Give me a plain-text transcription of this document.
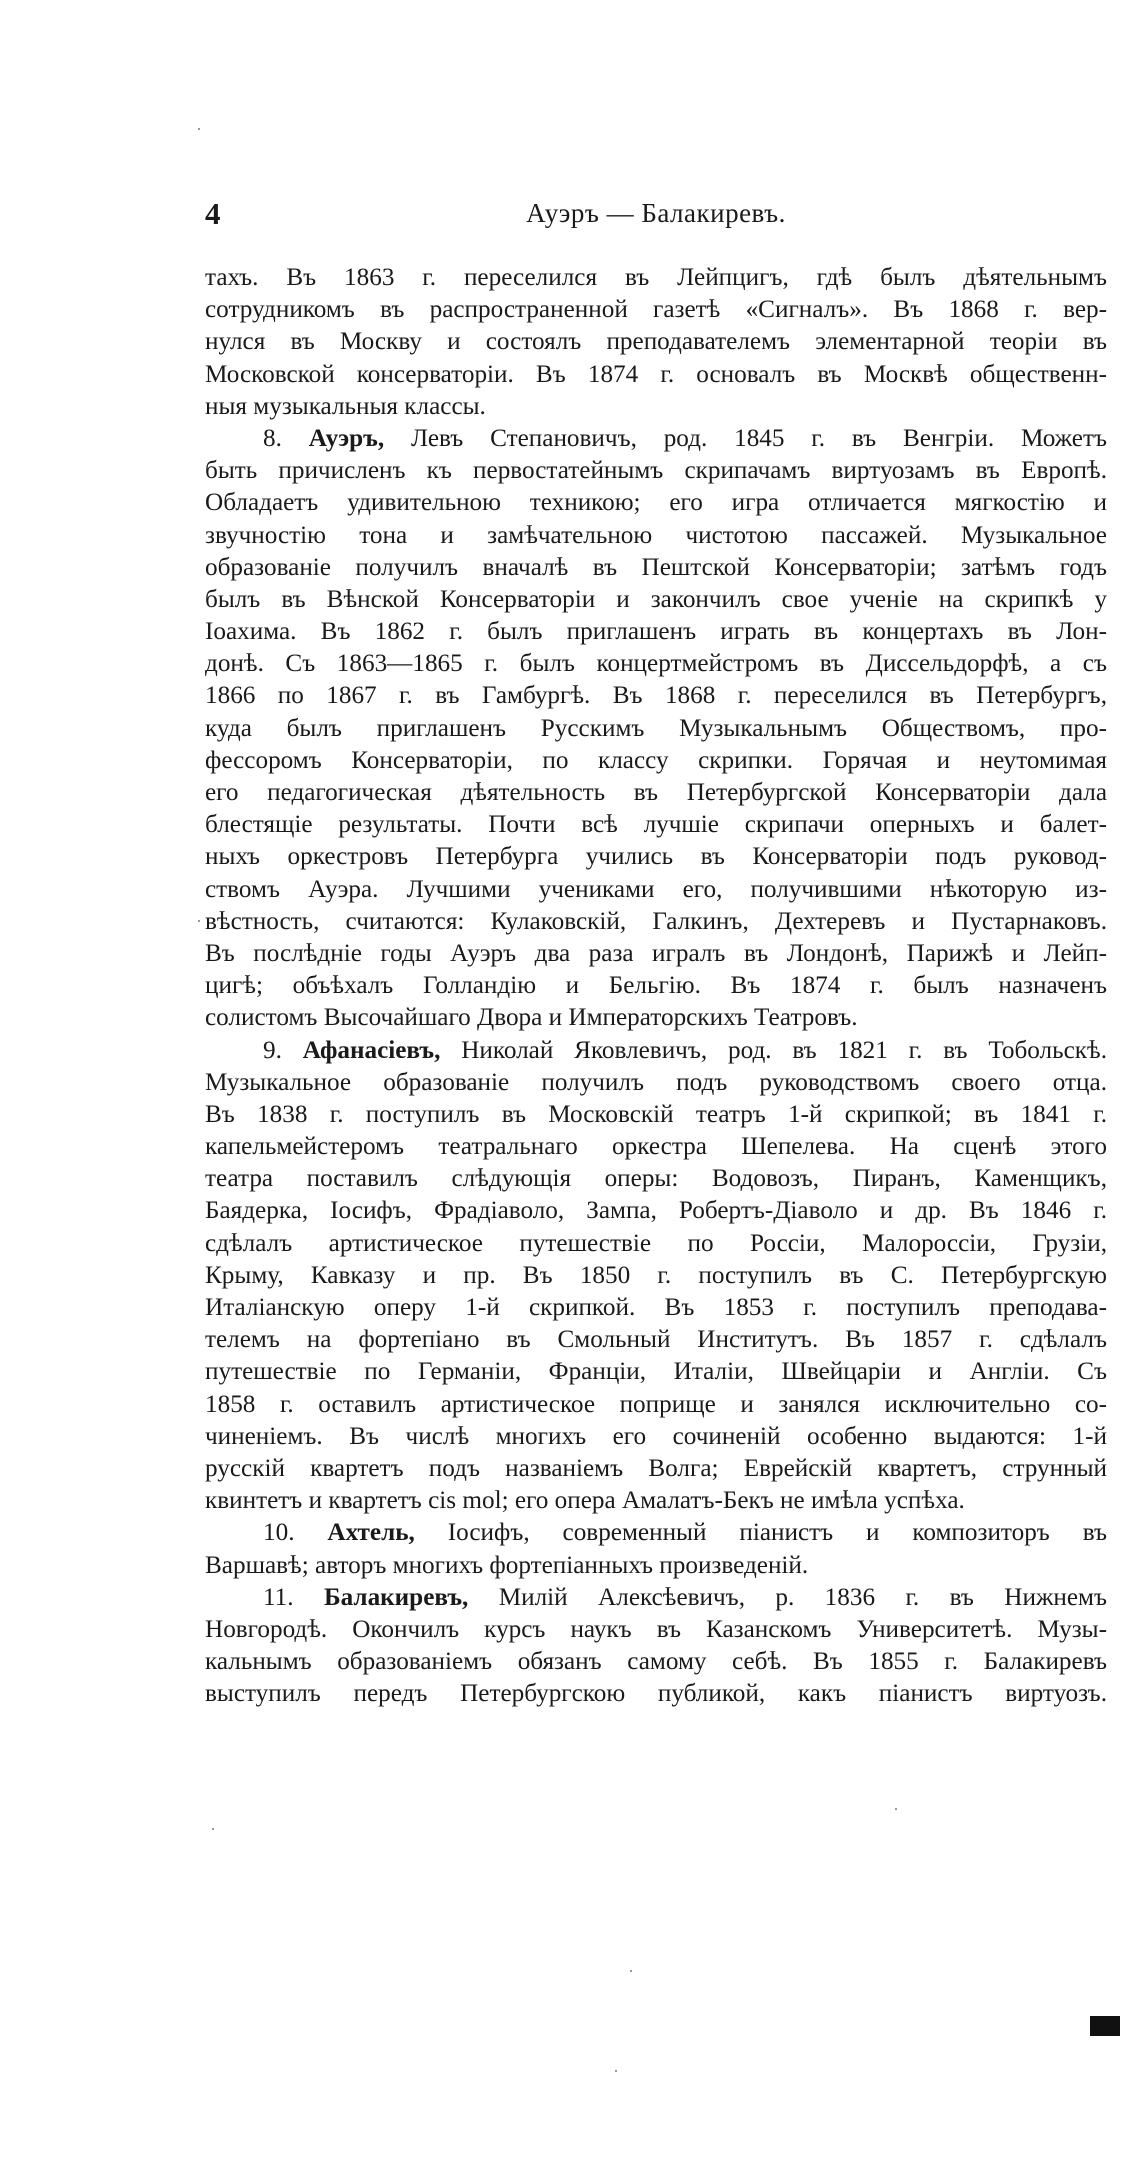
4	Ауэръ — Балакиревъ.
тахъ. Въ 1863 г. переселился въ Лейпцигъ, гдѣ былъ дѣятельнымъ
сотрудникомъ въ распространенной газетѣ «Сигналъ». Въ 1868 г. вер-
нулся въ Москву и состоялъ преподавателемъ элементарной теоріи въ
Московской консерваторіи. Въ 1874 г. основалъ въ Москвѣ общественн-
ныя музыкальныя классы.
8. Ауэръ, Левъ Степановичъ, род. 1845 г. въ Венгріи. Можетъ
быть причисленъ къ первостатейнымъ скрипачамъ виртуозамъ въ Европѣ.
Обладаетъ удивительною техникою; его игра отличается мягкостію и
звучностію тона и замѣчательною чистотою пассажей. Музыкальное
образованіе получилъ вначалѣ въ Пештской Консерваторіи; затѣмъ годъ
былъ въ Вѣнской Консерваторіи и закончилъ свое ученіе на скрипкѣ у
Іоахима. Въ 1862 г. былъ приглашенъ играть въ концертахъ въ Лон-
донѣ. Съ 1863—1865 г. былъ концертмейстромъ въ Диссельдорфѣ, а съ
1866 по 1867 г. въ Гамбургѣ. Въ 1868 г. переселился въ Петербургъ,
куда былъ приглашенъ Русскимъ Музыкальнымъ Обществомъ, про-
фессоромъ Консерваторіи, по классу скрипки. Горячая и неутомимая
его педагогическая дѣятельность въ Петербургской Консерваторіи дала
блестящіе результаты. Почти всѣ лучшіе скрипачи оперныхъ и балет-
ныхъ оркестровъ Петербурга учились въ Консерваторіи подъ руковод-
ствомъ Ауэра. Лучшими учениками его, получившими нѣкоторую из-
вѣстность, считаются: Кулаковскій, Галкинъ, Дехтеревъ и Пустарнаковъ.
Въ послѣдніе годы Ауэръ два раза игралъ въ Лондонѣ, Парижѣ и Лейп-
цигѣ; объѣхалъ Голландію и Бельгію. Въ 1874 г. былъ назначенъ
солистомъ Высочайшаго Двора и Императорскихъ Театровъ.
9. Афанасіевъ, Николай Яковлевичъ, род. въ 1821 г. въ Тобольскѣ.
Музыкальное образованіе получилъ подъ руководствомъ своего отца.
Въ 1838 г. поступилъ въ Московскій театръ 1-й скрипкой; въ 1841 г.
капельмейстеромъ театральнаго оркестра Шепелева. На сценѣ этого
театра поставилъ слѣдующія оперы: Водовозъ, Пиранъ, Каменщикъ,
Баядерка, Іосифъ, Фрадіаволо, Зампа, Робертъ-Діаволо и др. Въ 1846 г.
сдѣлалъ артистическое путешествіе по Россіи, Малороссіи, Грузіи,
Крыму, Кавказу и пр. Въ 1850 г. поступилъ въ С. Петербургскую
Италіанскую оперу 1-й скрипкой. Въ 1853 г. поступилъ преподава-
телемъ на фортепіано въ Смольный Институтъ. Въ 1857 г. сдѣлалъ
путешествіе по Германіи, Франціи, Италіи, Швейцаріи и Англіи. Съ
1858 г. оставилъ артистическое поприще и занялся исключительно со-
чиненіемъ. Въ числѣ многихъ его сочиненій особенно выдаются: 1-й
русскій квартетъ подъ названіемъ Волга; Еврейскій квартетъ, струнный
квинтетъ и квартетъ cis mol; его опера Амалатъ-Бекъ не имѣла успѣха.
10. Ахтель, Іосифъ, современный піанистъ и композиторъ въ
Варшавѣ; авторъ многихъ фортепіанныхъ произведеній.
11. Балакиревъ, Милій Алексѣевичъ, р. 1836 г. въ Нижнемъ
Новгородѣ. Окончилъ курсъ наукъ въ Казанскомъ Университетѣ. Музы-
кальнымъ образованіемъ обязанъ самому себѣ. Въ 1855 г. Балакиревъ
выступилъ передъ Петербургскою публикой, какъ піанистъ виртуозъ.
